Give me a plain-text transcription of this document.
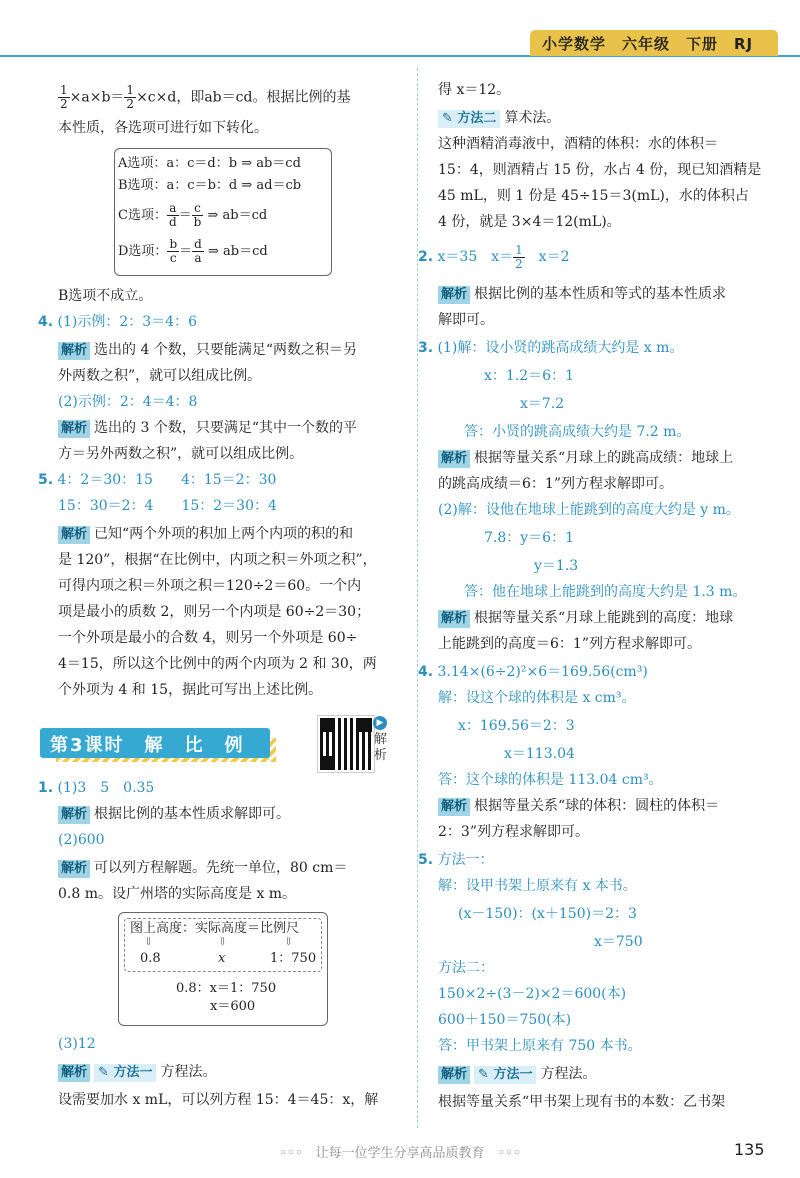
小学数学　六年级　下册　RJ
$\frac{1}{2} \times a\times b= \frac{1}{2} \times c\times d$，即ab＝cd。根据比例的基
本性质，各选项可进行如下转化。
A选项：a：c＝d：b ⇒ ab＝cd
B选项：a：c＝b：d ⇒ ad＝cb
C选项： $\frac{a}{d} = \frac{c}{b}$ ⇒ ab＝cd
D选项： $\frac{b}{c} = \frac{d}{a}$ ⇒ ab＝cd
B选项不成立。
4. (1)示例：2：3＝4：6
解析 选出的 4 个数，只要能满足“两数之积＝另
外两数之积”，就可以组成比例。
(2)示例：2：4＝4：8
解析 选出的 3 个数，只要满足“其中一个数的平
方＝另外两数之积”，就可以组成比例。
5. 4：2＝30：15　　4：15＝2：30
15：30＝2：4　　15：2＝30：4
解析 已知“两个外项的积加上两个内项的积的和
是 120”，根据“在比例中，内项之积＝外项之积”，
可得内项之积＝外项之积＝120÷2＝60。一个内
项是最小的质数 2，则另一个内项是 60÷2＝30；
一个外项是最小的合数 4，则另一个外项是 60÷
4＝15，所以这个比例中的两个内项为 2 和 30，两
个外项为 4 和 15，据此可写出上述比例。
第3课时　解　比　例
▶
解析
1. (1)3　5　0.35
解析 根据比例的基本性质求解即可。
(2)600
解析 可以列方程解题。先统一单位，80 cm＝
0.8 m。设广州塔的实际高度是 x m。
图上高度：实际高度＝比例尺
⇓	⇓	⇓
0.8	x	1：750
0.8：x＝1：750
x＝600
(3)12
解析 ✎ 方法一 方程法。
设需要加水 x mL，可以列方程 15：4＝45：x，解
得 x＝12。
✎ 方法二 算术法。
这种酒精消毒液中，酒精的体积：水的体积＝
15：4，则酒精占 15 份，水占 4 份，现已知酒精是
45 mL，则 1 份是 45÷15＝3(mL)，水的体积占
4 份，就是 3×4＝12(mL)。
2. x＝35　$x= \frac{1}{2}$
　 x＝2
解析 根据比例的基本性质和等式的基本性质求
解即可。
3. (1)解：设小贤的跳高成绩大约是 x m。
x：1.2＝6：1
x＝7.2
答：小贤的跳高成绩大约是 7.2 m。
解析 根据等量关系“月球上的跳高成绩：地球上
的跳高成绩＝6：1”列方程求解即可。
(2)解：设他在地球上能跳到的高度大约是 y m。
7.8：y＝6：1
y＝1.3
答：他在地球上能跳到的高度大约是 1.3 m。
解析 根据等量关系“月球上能跳到的高度：地球
上能跳到的高度＝6：1”列方程求解即可。
4. 3.14×(6÷2)²×6＝169.56(cm³)
解：设这个球的体积是 x cm³。
x：169.56＝2：3
x＝113.04
答：这个球的体积是 113.04 cm³。
解析 根据等量关系“球的体积：圆柱的体积＝
2：3”列方程求解即可。
5. 方法一：
解：设甲书架上原来有 x 本书。
(x－150)：(x＋150)＝2：3
x＝750
方法二：
150×2÷(3－2)×2＝600(本)
600＋150＝750(本)
答：甲书架上原来有 750 本书。
解析 ✎ 方法一 方程法。
根据等量关系“甲书架上现有书的本数：乙书架
◦◦◦　让每一位学生分享高品质教育　◦◦◦	135
